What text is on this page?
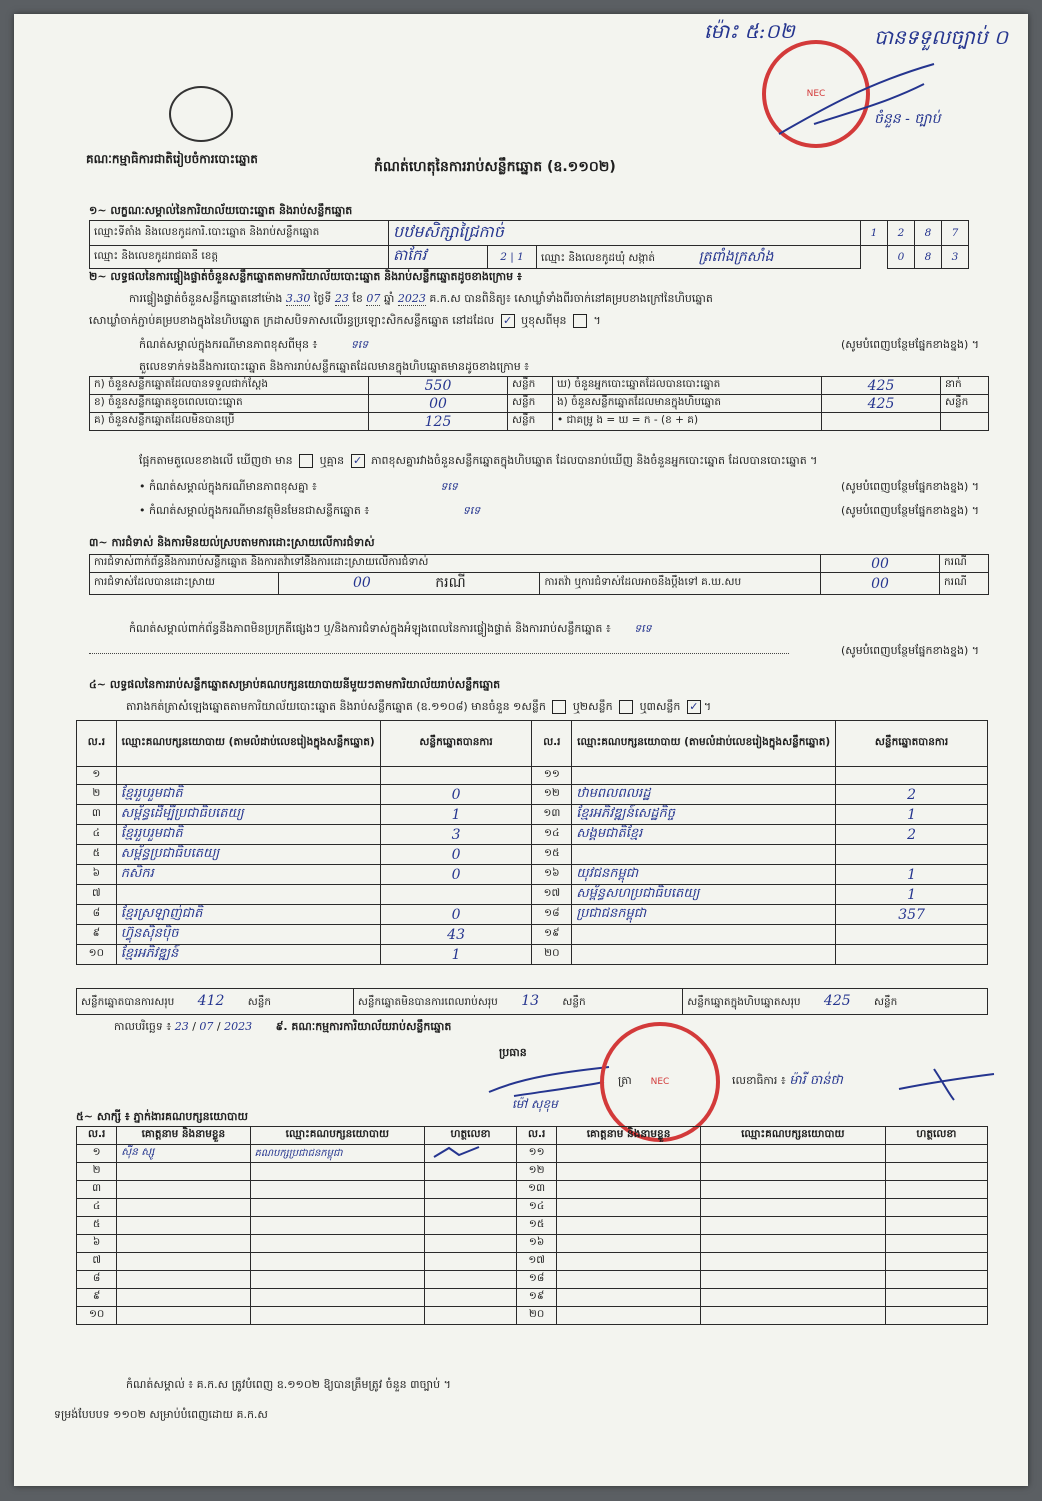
ម៉ោះ ៥:០២	បានទទួលច្បាប់ ០
ចំនួន - ច្បាប់
NEC
គណៈកម្មាធិការជាតិរៀបចំការបោះឆ្នោត	កំណត់ហេតុនៃការរាប់សន្លឹកឆ្នោត (ឧ.១១០២)
១~ លក្ខណៈសម្គាល់នៃការិយាល័យបោះឆ្នោត និងរាប់សន្លឹកឆ្នោត
ឈ្មោះទីតាំង និងលេខកូដការិ.បោះឆ្នោត និងរាប់សន្លឹកឆ្នោត	បឋមសិក្សាជ្រៃកាច់			1	2	8	7
ឈ្មោះ និងលេខកូដរាជធានី ខេត្ត	តាកែវ	2 | 1	ឈ្មោះ និងលេខកូដឃុំ សង្កាត់ ត្រពាំងក្រសាំង		0	8	3
២~ លទ្ធផលនៃការផ្ទៀងផ្ទាត់ចំនួនសន្លឹកឆ្នោតតាមការិយាល័យបោះឆ្នោត និងរាប់សន្លឹកឆ្នោតដូចខាងក្រោម ៖
ការផ្ទៀងផ្ទាត់ចំនួនសន្លឹកឆ្នោតនៅម៉ោង 3.30 ថ្ងៃទី 23 ខែ 07 ឆ្នាំ 2023 គ.ក.ស បានពិនិត្យ៖ សោឃ្លាំទាំងពីរចាក់នៅគម្របខាងក្រៅនៃហិបឆ្នោត
សោឃ្លាំចាក់ភ្ជាប់គម្របខាងក្នុងនៃហិបឆ្នោត ក្រដាសបិទភាសលើរន្ធប្រឡោះសិកសន្លឹកឆ្នោត នៅដដែល ✓ ឬខុសពីមុន  ។
កំណត់សម្គាល់ក្នុងករណីមានភាពខុសពីមុន ៖	ទទេ	(សូមបំពេញបន្ថែមផ្នែកខាងខ្នង) ។
តួលេខទាក់ទងនឹងការបោះឆ្នោត និងការរាប់សន្លឹកឆ្នោតដែលមានក្នុងហិបឆ្នោតមានដូចខាងក្រោម ៖
ក) ចំនួនសន្លឹកឆ្នោតដែលបានទទួលជាក់ស្តែង	550	សន្លឹក	ឃ) ចំនួនអ្នកបោះឆ្នោតដែលបានបោះឆ្នោត	425	នាក់
ខ) ចំនួនសន្លឹកឆ្នោតខូចពេលបោះឆ្នោត	00	សន្លឹក	ង) ចំនួនសន្លឹកឆ្នោតដែលមានក្នុងហិបឆ្នោត	425	សន្លឹក
គ) ចំនួនសន្លឹកឆ្នោតដែលមិនបានប្រើ	125	សន្លឹក	• ជាគម្រូ ង = ឃ = ក - (ខ + គ)		
ផ្អែកតាមតួលេខខាងលើ ឃើញថា មាន ឬគ្មាន ✓ ភាពខុសគ្នារវាងចំនួនសន្លឹកឆ្នោតក្នុងហិបឆ្នោត ដែលបានរាប់ឃើញ និងចំនួនអ្នកបោះឆ្នោត ដែលបានបោះឆ្នោត ។
• កំណត់សម្គាល់ក្នុងករណីមានភាពខុសគ្នា ៖	ទទេ	(សូមបំពេញបន្ថែមផ្នែកខាងខ្នង) ។
• កំណត់សម្គាល់ក្នុងករណីមានវត្ថុមិនមែនជាសន្លឹកឆ្នោត ៖	ទទេ	(សូមបំពេញបន្ថែមផ្នែកខាងខ្នង) ។
៣~ ការជំទាស់ និងការមិនយល់ស្របតាមការដោះស្រាយលើការជំទាស់
ការជំទាស់ពាក់ព័ន្ធនឹងការរាប់សន្លឹកឆ្នោត និងការតវ៉ាទៅនឹងការដោះស្រាយលើការជំទាស់			00	ករណី
ការជំទាស់ដែលបានដោះស្រាយ	00 ករណី	ការតវ៉ា ឬការជំទាស់ដែលអាចនឹងប្តឹងទៅ គ.ឃ.សប	00	ករណី
កំណត់សម្គាល់ពាក់ព័ន្ធនឹងភាពមិនប្រក្រតីផ្សេងៗ ឬ/និងការជំទាស់ក្នុងអំឡុងពេលនៃការផ្ទៀងផ្ទាត់ និងការរាប់សន្លឹកឆ្នោត ៖ ទទេ
(សូមបំពេញបន្ថែមផ្នែកខាងខ្នង) ។
៤~ លទ្ធផលនៃការរាប់សន្លឹកឆ្នោតសម្រាប់គណបក្សនយោបាយនីមួយៗតាមការិយាល័យរាប់សន្លឹកឆ្នោត
តារាងកត់ត្រាសំឡេងឆ្នោតតាមការិយាល័យបោះឆ្នោត និងរាប់សន្លឹកឆ្នោត (ឧ.១១០៨) មានចំនួន ១សន្លឹក ឬ២សន្លឹក ឬ៣សន្លឹក ✓ ។
ល.រ	ឈ្មោះគណបក្សនយោបាយ (តាមលំដាប់លេខរៀងក្នុងសន្លឹកឆ្នោត)	សន្លឹកឆ្នោតបានការ	ល.រ	ឈ្មោះគណបក្សនយោបាយ (តាមលំដាប់លេខរៀងក្នុងសន្លឹកឆ្នោត)	សន្លឹកឆ្នោតបានការ
១			១១		
២	ខ្មែររួបរួមជាតិ	0	១២	ឋាមពលពលរដ្ឋ	2
៣	សម្ព័ន្ធដើម្បីប្រជាធិបតេយ្យ	1	១៣	ខ្មែរអភិវឌ្ឍន៍សេដ្ឋកិច្ច	1
៤	ខ្មែររួបរួមជាតិ	3	១៤	សង្គមជាតិខ្មែរ	2
៥	សម្ព័ន្ធប្រជាធិបតេយ្យ	0	១៥		
៦	កសិករ	0	១៦	យុវជនកម្ពុជា	1
៧			១៧	សម្ព័ន្ធសហប្រជាធិបតេយ្យ	1
៨	ខ្មែរស្រឡាញ់ជាតិ	0	១៨	ប្រជាជនកម្ពុជា	357
៩	ហ៊្វុនស៊ិនប៉ិច	43	១៩		
១០	ខ្មែរអភិវឌ្ឍន៍	1	២០		
សន្លឹកឆ្នោតបានការសរុប 412 សន្លឹក	សន្លឹកឆ្នោតមិនបានការពេលរាប់សរុប 13 សន្លឹក	សន្លឹកឆ្នោតក្នុងហិបឆ្នោតសរុប 425 សន្លឹក
កាលបរិច្ឆេទ ៖ 23 / 07 / 2023 ៩. គណៈកម្មការការិយាល័យរាប់សន្លឹកឆ្នោត
ប្រធាន
ម៉ៅ សុខុម
NEC
ត្រា	លេខាធិការ ៖ ម៉ារី ចាន់ថា
៥~ សាក្សី ៖ ភ្នាក់ងារគណបក្សនយោបាយ
ល.រ	គោត្តនាម និងនាមខ្លួន	ឈ្មោះគណបក្សនយោបាយ	ហត្ថលេខា	ល.រ	គោត្តនាម និងនាមខ្លួន	ឈ្មោះគណបក្សនយោបាយ	ហត្ថលេខា
១	ស៊ីន ស្សូ	គណបក្សប្រជាជនកម្ពុជា		១១			
២				១២			
៣				១៣			
៤				១៤			
៥				១៥			
៦				១៦			
៧				១៧			
៨				១៨			
៩				១៩			
១០				២០			
កំណត់សម្គាល់ ៖ គ.ក.ស ត្រូវបំពេញ ឧ.១១០២ ឱ្យបានត្រឹមត្រូវ ចំនួន ៣ច្បាប់ ។
ទម្រង់បែបបទ ១១០២ សម្រាប់បំពេញដោយ គ.ក.ស
